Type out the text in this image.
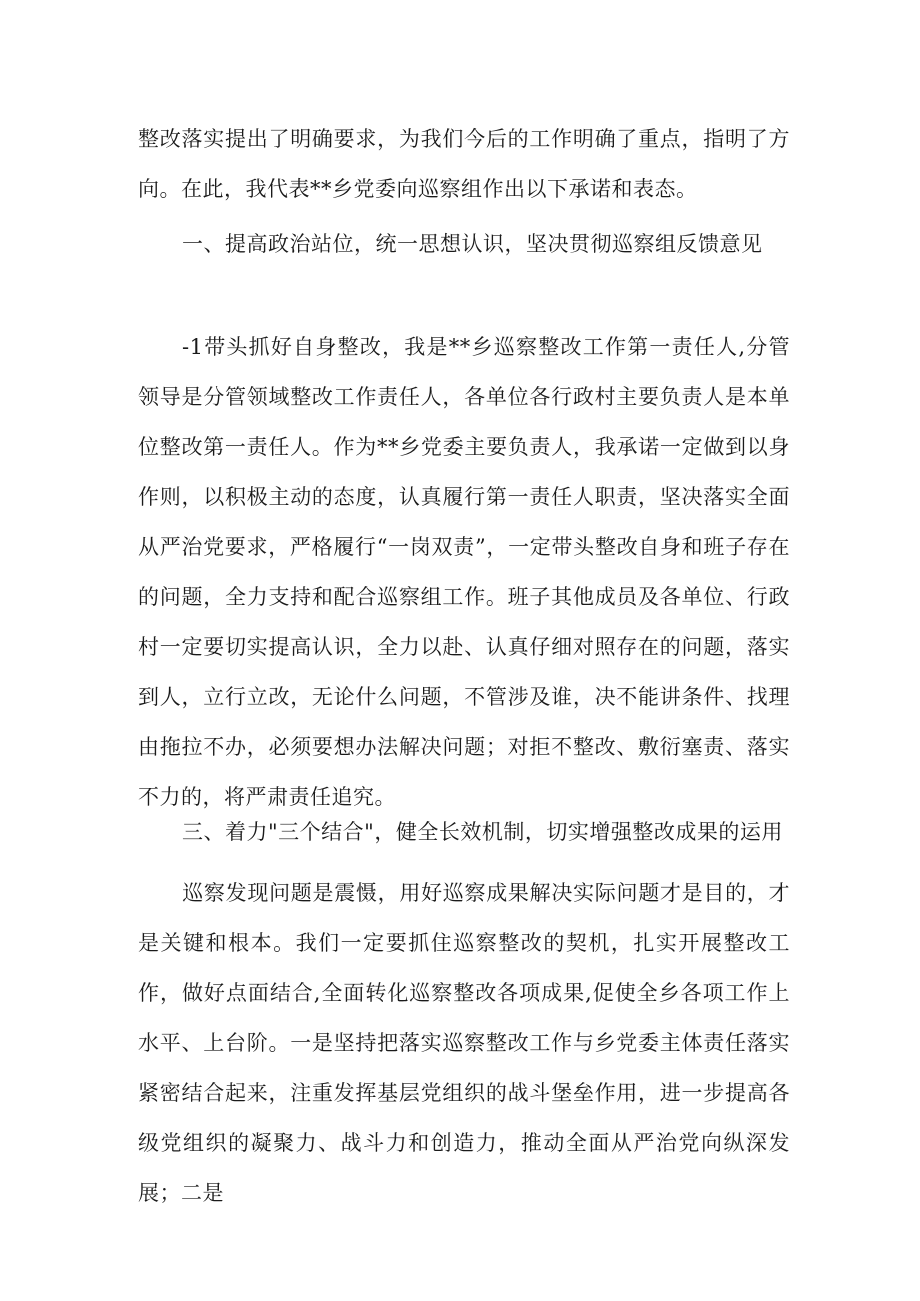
整改落实提出了明确要求，为我们今后的工作明确了重点，指明了方向。在此，我代表**乡党委向巡察组作出以下承诺和表态。

一、提高政治站位，统一思想认识，坚决贯彻巡察组反馈意见

-1带头抓好自身整改，我是**乡巡察整改工作第一责任人,分管领导是分管领域整改工作责任人，各单位各行政村主要负责人是本单位整改第一责任人。作为**乡党委主要负责人，我承诺一定做到以身作则，以积极主动的态度，认真履行第一责任人职责，坚决落实全面从严治党要求，严格履行“一岗双责”，一定带头整改自身和班子存在的问题，全力支持和配合巡察组工作。班子其他成员及各单位、行政村一定要切实提高认识，全力以赴、认真仔细对照存在的问题，落实到人，立行立改，无论什么问题，不管涉及谁，决不能讲条件、找理由拖拉不办，必须要想办法解决问题；对拒不整改、敷衍塞责、落实不力的，将严肃责任追究。

三、着力"三个结合"，健全长效机制，切实增强整改成果的运用

巡察发现问题是震慑，用好巡察成果解决实际问题才是目的，才是关键和根本。我们一定要抓住巡察整改的契机，扎实开展整改工作，做好点面结合,全面转化巡察整改各项成果,促使全乡各项工作上水平、上台阶。一是坚持把落实巡察整改工作与乡党委主体责任落实紧密结合起来，注重发挥基层党组织的战斗堡垒作用，进一步提高各级党组织的凝聚力、战斗力和创造力，推动全面从严治党向纵深发展；二是
